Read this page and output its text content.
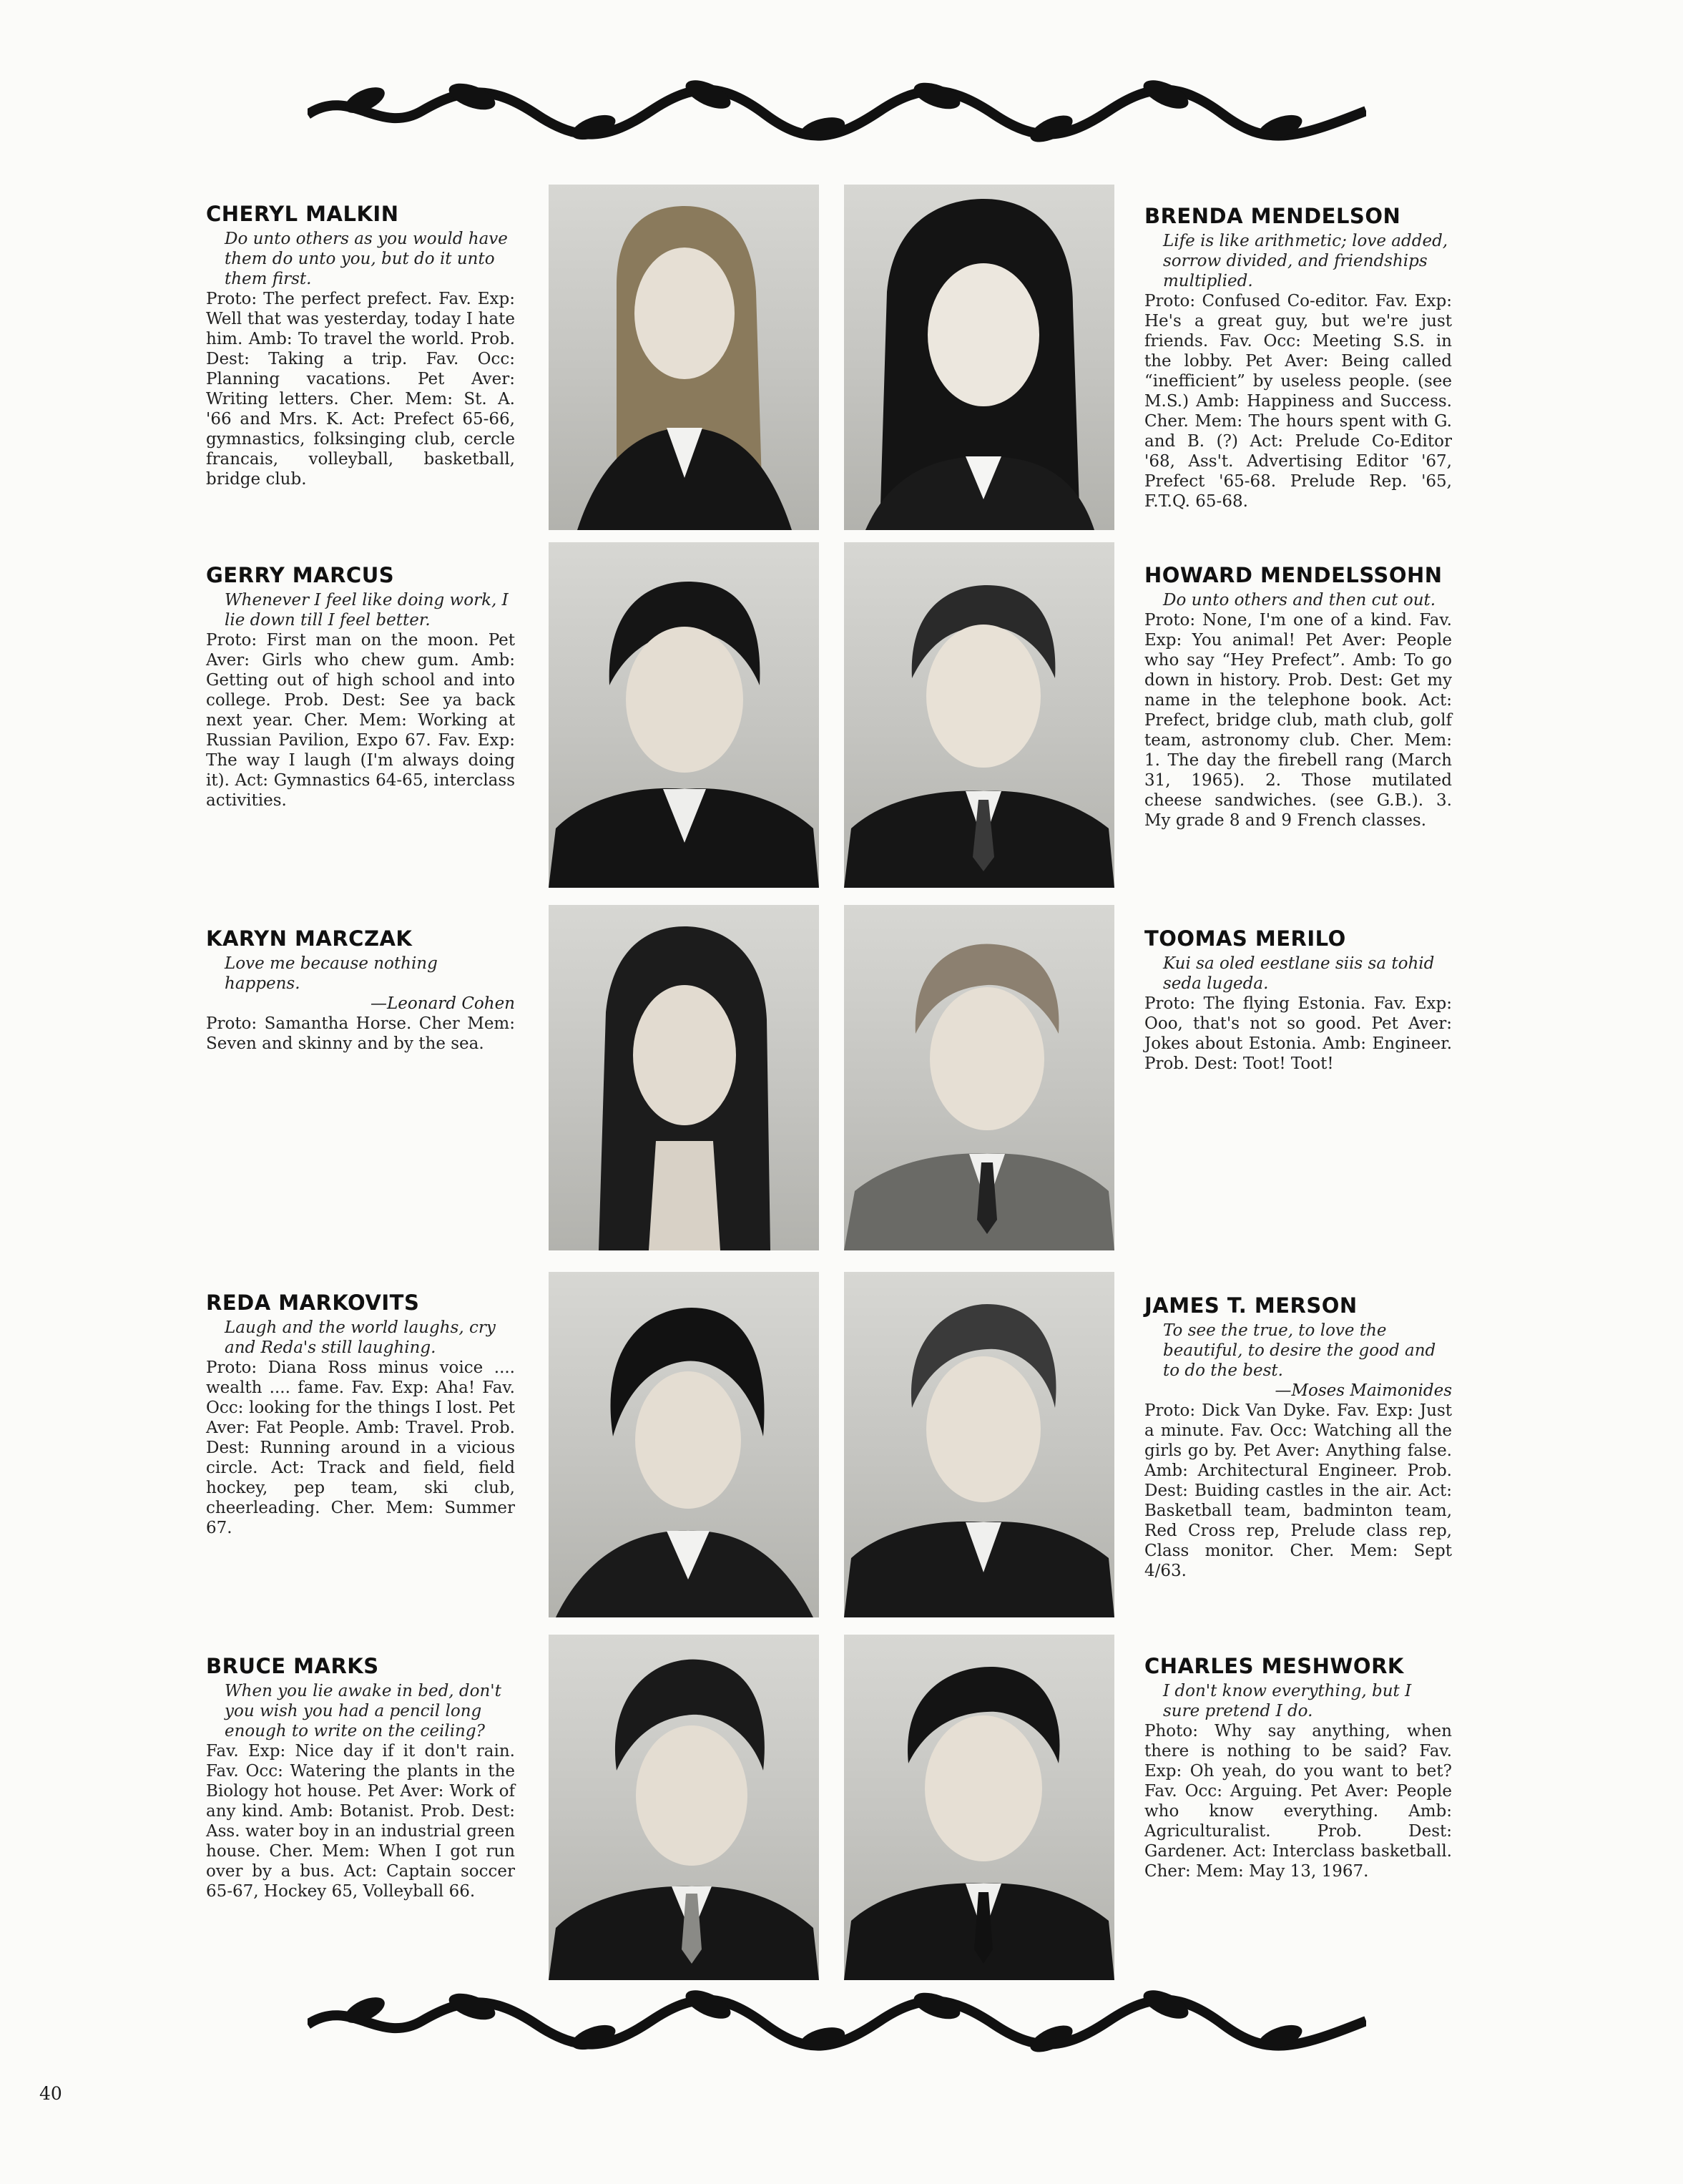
CHERYL MALKIN
Do unto others as you would have them do unto you, but do it unto them first.
Proto: The perfect prefect. Fav. Exp: Well that was yesterday, today I hate him. Amb: To travel the world. Prob. Dest: Taking a trip. Fav. Occ: Planning vacations. Pet Aver: Writing letters. Cher. Mem: St. A. '66 and Mrs. K. Act: Prefect 65-66, gymnastics, folksinging club, cercle francais, volleyball, basketball, bridge club.
BRENDA MENDELSON
Life is like arithmetic; love added, sorrow divided, and friendships multiplied.
Proto: Confused Co-editor. Fav. Exp: He's a great guy, but we're just friends. Fav. Occ: Meeting S.S. in the lobby. Pet Aver: Being called “inefficient” by useless people. (see M.S.) Amb: Happiness and Success. Cher. Mem: The hours spent with G. and B. (?) Act: Prelude Co-Editor '68, Ass't. Advertising Editor '67, Prefect '65-68. Prelude Rep. '65, F.T.Q. 65-68.
GERRY MARCUS
Whenever I feel like doing work, I lie down till I feel better.
Proto: First man on the moon. Pet Aver: Girls who chew gum. Amb: Getting out of high school and into college. Prob. Dest: See ya back next year. Cher. Mem: Working at Russian Pavilion, Expo 67. Fav. Exp: The way I laugh (I'm always doing it). Act: Gymnastics 64-65, interclass activities.
HOWARD MENDELSSOHN
Do unto others and then cut out.
Proto: None, I'm one of a kind. Fav. Exp: You animal! Pet Aver: People who say “Hey Prefect”. Amb: To go down in history. Prob. Dest: Get my name in the telephone book. Act: Prefect, bridge club, math club, golf team, astronomy club. Cher. Mem: 1. The day the firebell rang (March 31, 1965). 2. Those mutilated cheese sandwiches. (see G.B.). 3. My grade 8 and 9 French classes.
KARYN MARCZAK
Love me because nothing happens.
—Leonard Cohen
Proto: Samantha Horse. Cher Mem: Seven and skinny and by the sea.
TOOMAS MERILO
Kui sa oled eestlane siis sa tohid seda lugeda.
Proto: The flying Estonia. Fav. Exp: Ooo, that's not so good. Pet Aver: Jokes about Estonia. Amb: Engineer. Prob. Dest: Toot! Toot!
REDA MARKOVITS
Laugh and the world laughs, cry and Reda's still laughing.
Proto: Diana Ross minus voice .... wealth .... fame. Fav. Exp: Aha! Fav. Occ: looking for the things I lost. Pet Aver: Fat People. Amb: Travel. Prob. Dest: Running around in a vicious circle. Act: Track and field, field hockey, pep team, ski club, cheerleading. Cher. Mem: Summer 67.
JAMES T. MERSON
To see the true, to love the beautiful, to desire the good and to do the best.
—Moses Maimonides
Proto: Dick Van Dyke. Fav. Exp: Just a minute. Fav. Occ: Watching all the girls go by. Pet Aver: Anything false. Amb: Architectural Engineer. Prob. Dest: Buiding castles in the air. Act: Basketball team, badminton team, Red Cross rep, Prelude class rep, Class monitor. Cher. Mem: Sept 4/63.
BRUCE MARKS
When you lie awake in bed, don't you wish you had a pencil long enough to write on the ceiling?
Fav. Exp: Nice day if it don't rain. Fav. Occ: Watering the plants in the Biology hot house. Pet Aver: Work of any kind. Amb: Botanist. Prob. Dest: Ass. water boy in an industrial green house. Cher. Mem: When I got run over by a bus. Act: Captain soccer 65-67, Hockey 65, Volleyball 66.
CHARLES MESHWORK
I don't know everything, but I sure pretend I do.
Photo: Why say anything, when there is nothing to be said? Fav. Exp: Oh yeah, do you want to bet? Fav. Occ: Arguing. Pet Aver: People who know everything. Amb: Agriculturalist. Prob. Dest: Gardener. Act: Interclass basketball. Cher: Mem: May 13, 1967.
40
